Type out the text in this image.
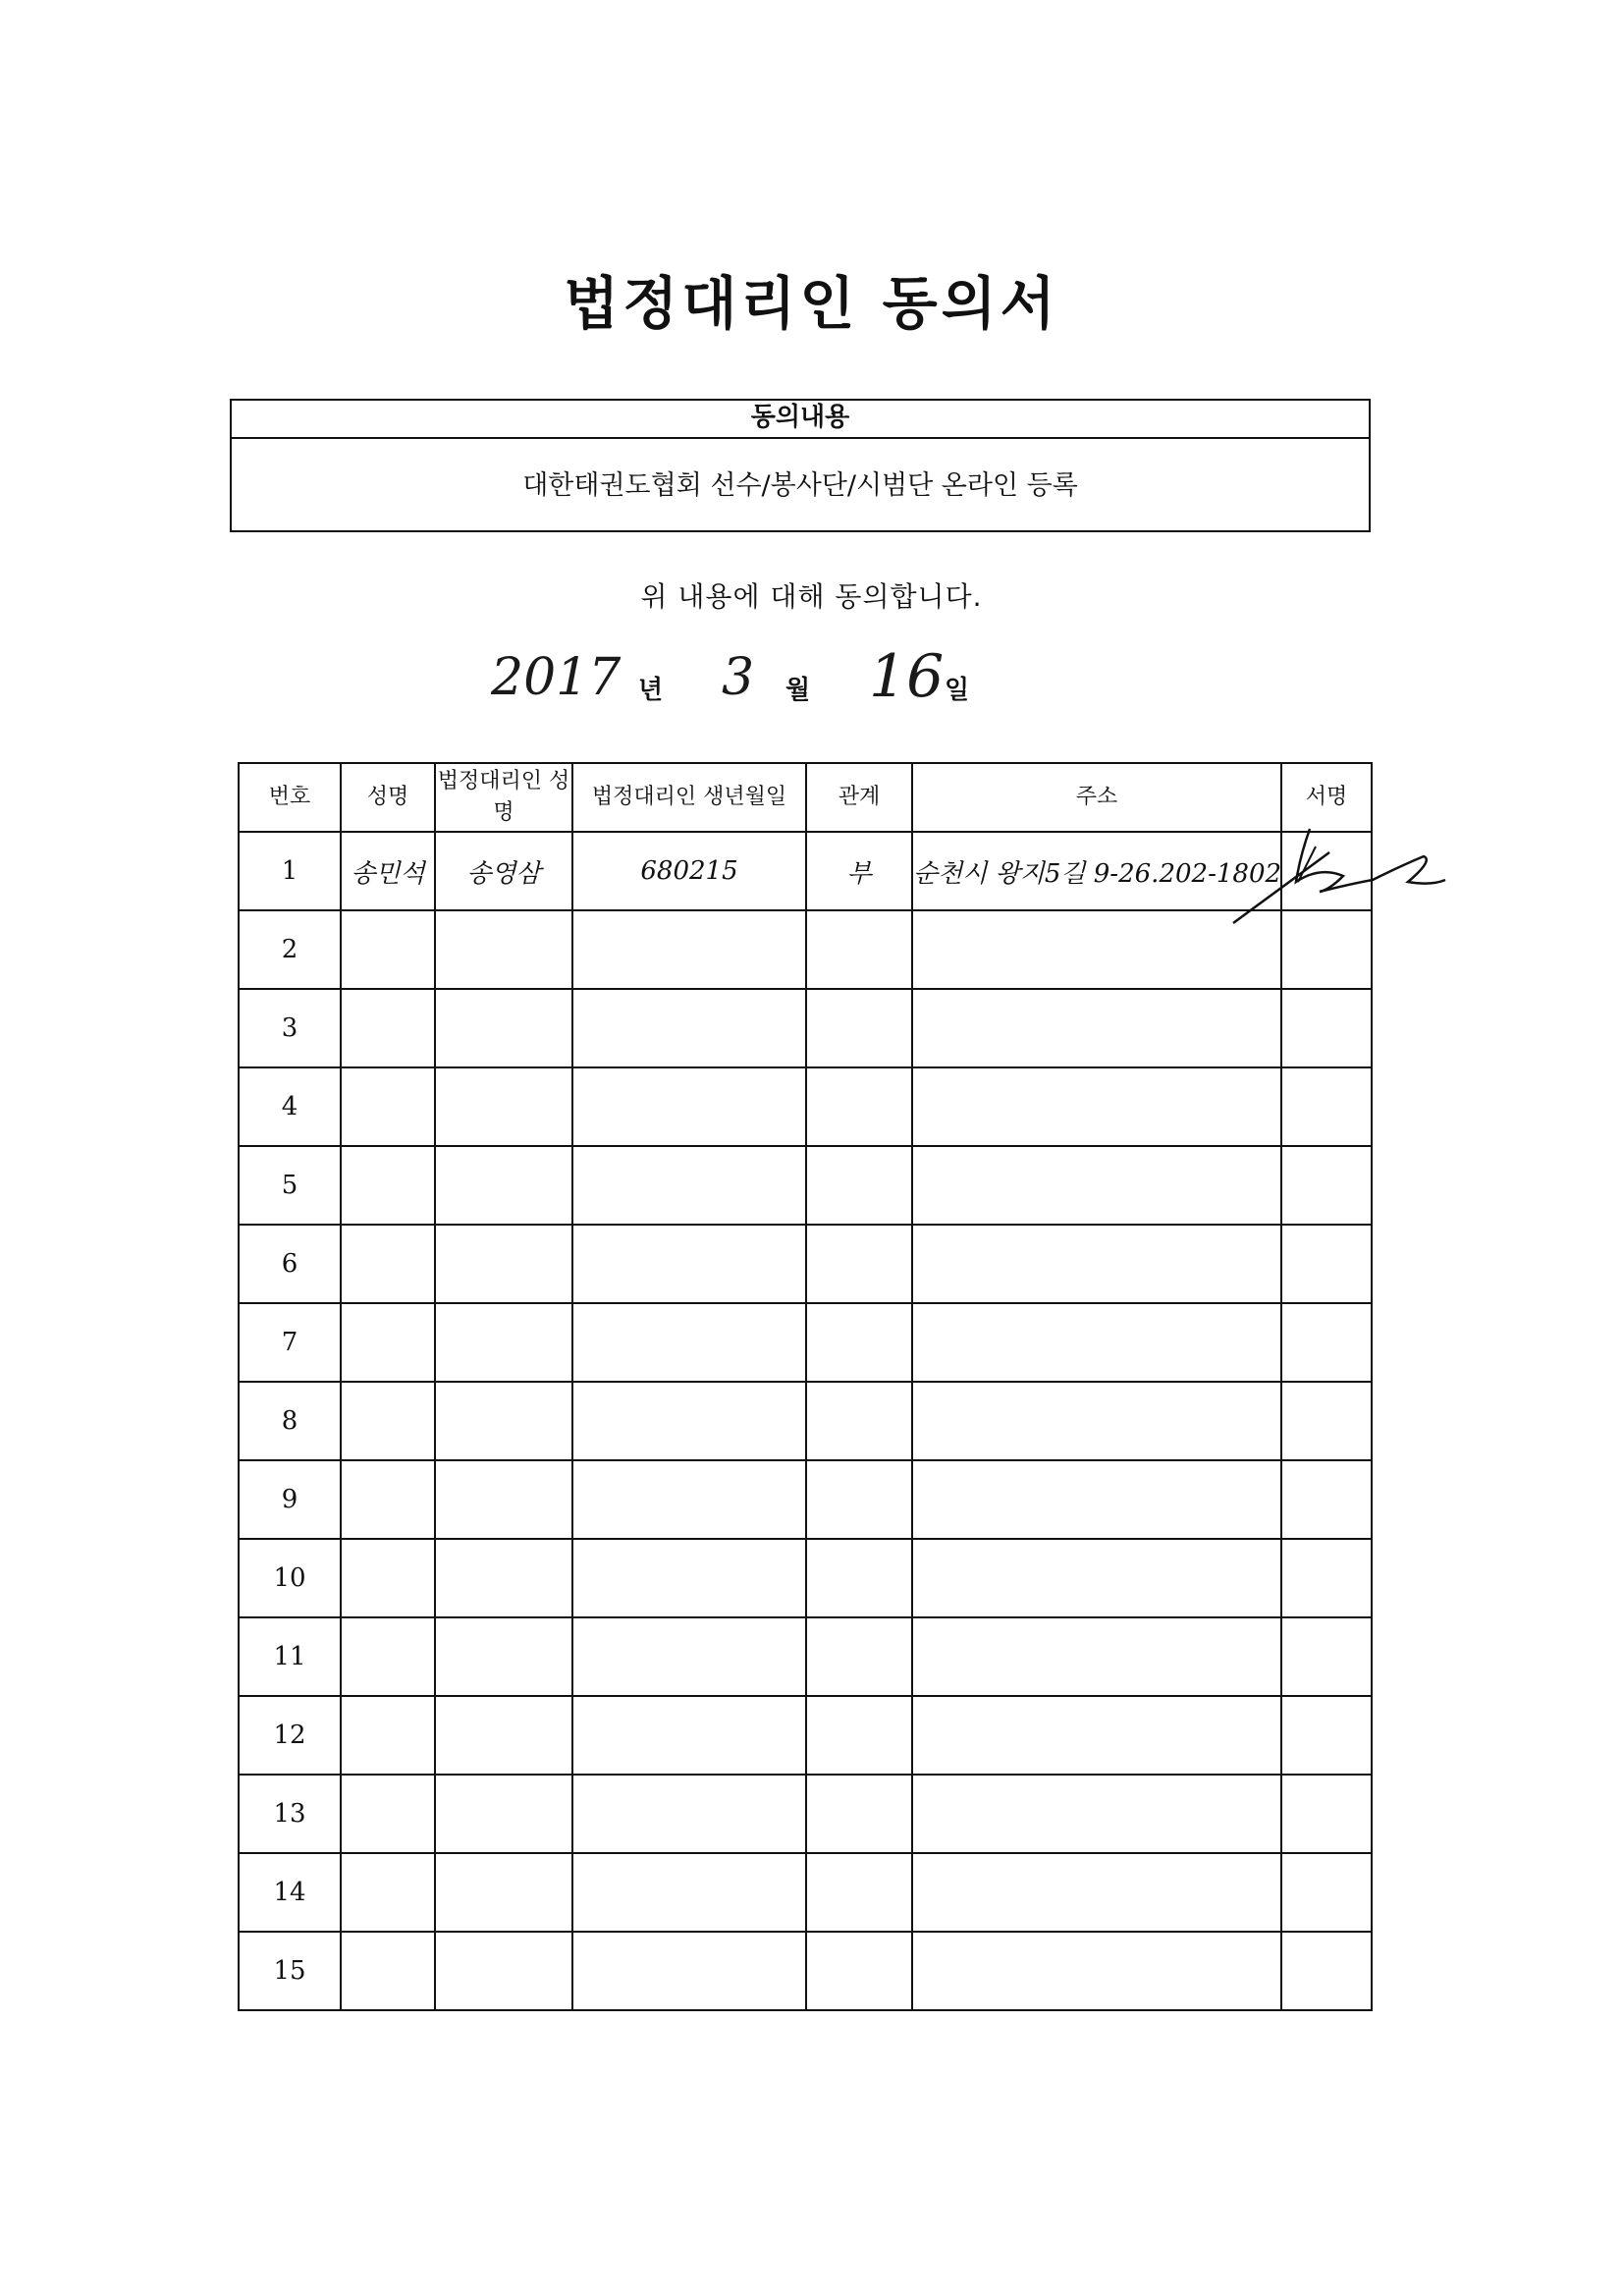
법정대리인 동의서
동의내용
대한태권도협회 선수/봉사단/시범단 온라인 등록
위 내용에 대해 동의합니다.
2017 년 3 월 16 일
번호	성명	법정대리인 성명	법정대리인 생년월일	관계	주소	서명
1	송민석	송영삼	680215	부	순천시 왕지5길 9-26.202-1802	
2						
3						
4						
5						
6						
7						
8						
9						
10						
11						
12						
13						
14						
15						
